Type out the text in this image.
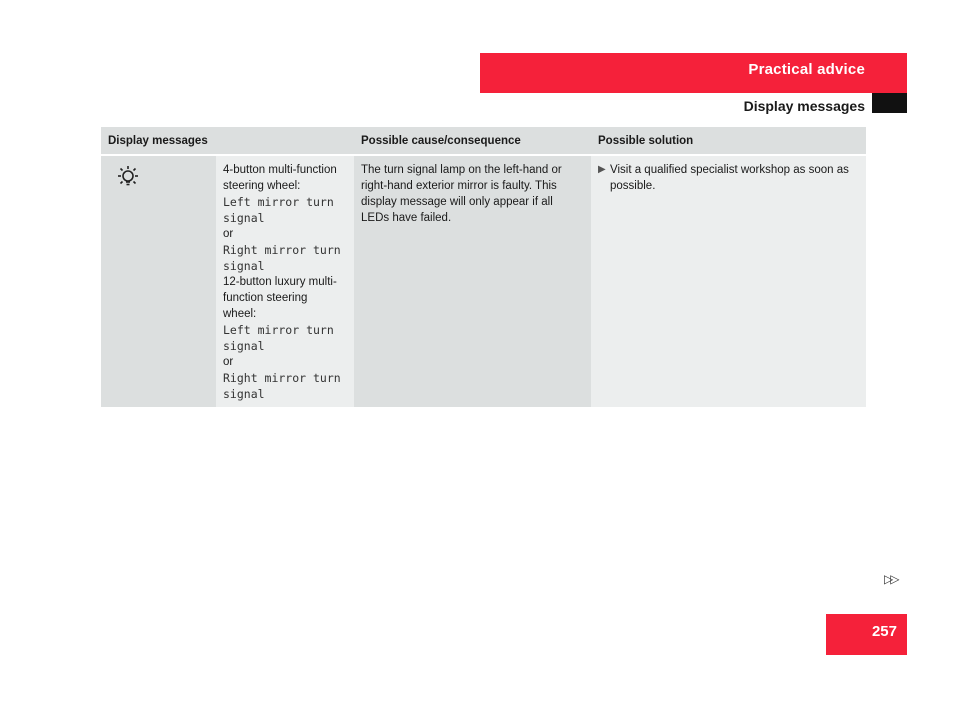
Practical advice
Display messages
Display messages	Possible cause/consequence	Possible solution
4-button multi-function
steering wheel:
Left mirror turn
signal
or
Right mirror turn
signal
12-button luxury multi-
function steering
wheel:
Left mirror turn
signal
or
Right mirror turn
signal
The turn signal lamp on the left-hand or
right-hand exterior mirror is faulty. This
display message will only appear if all
LEDs have failed.
▶ Visit a qualified specialist workshop as soon as
possible.
▷▷
257
